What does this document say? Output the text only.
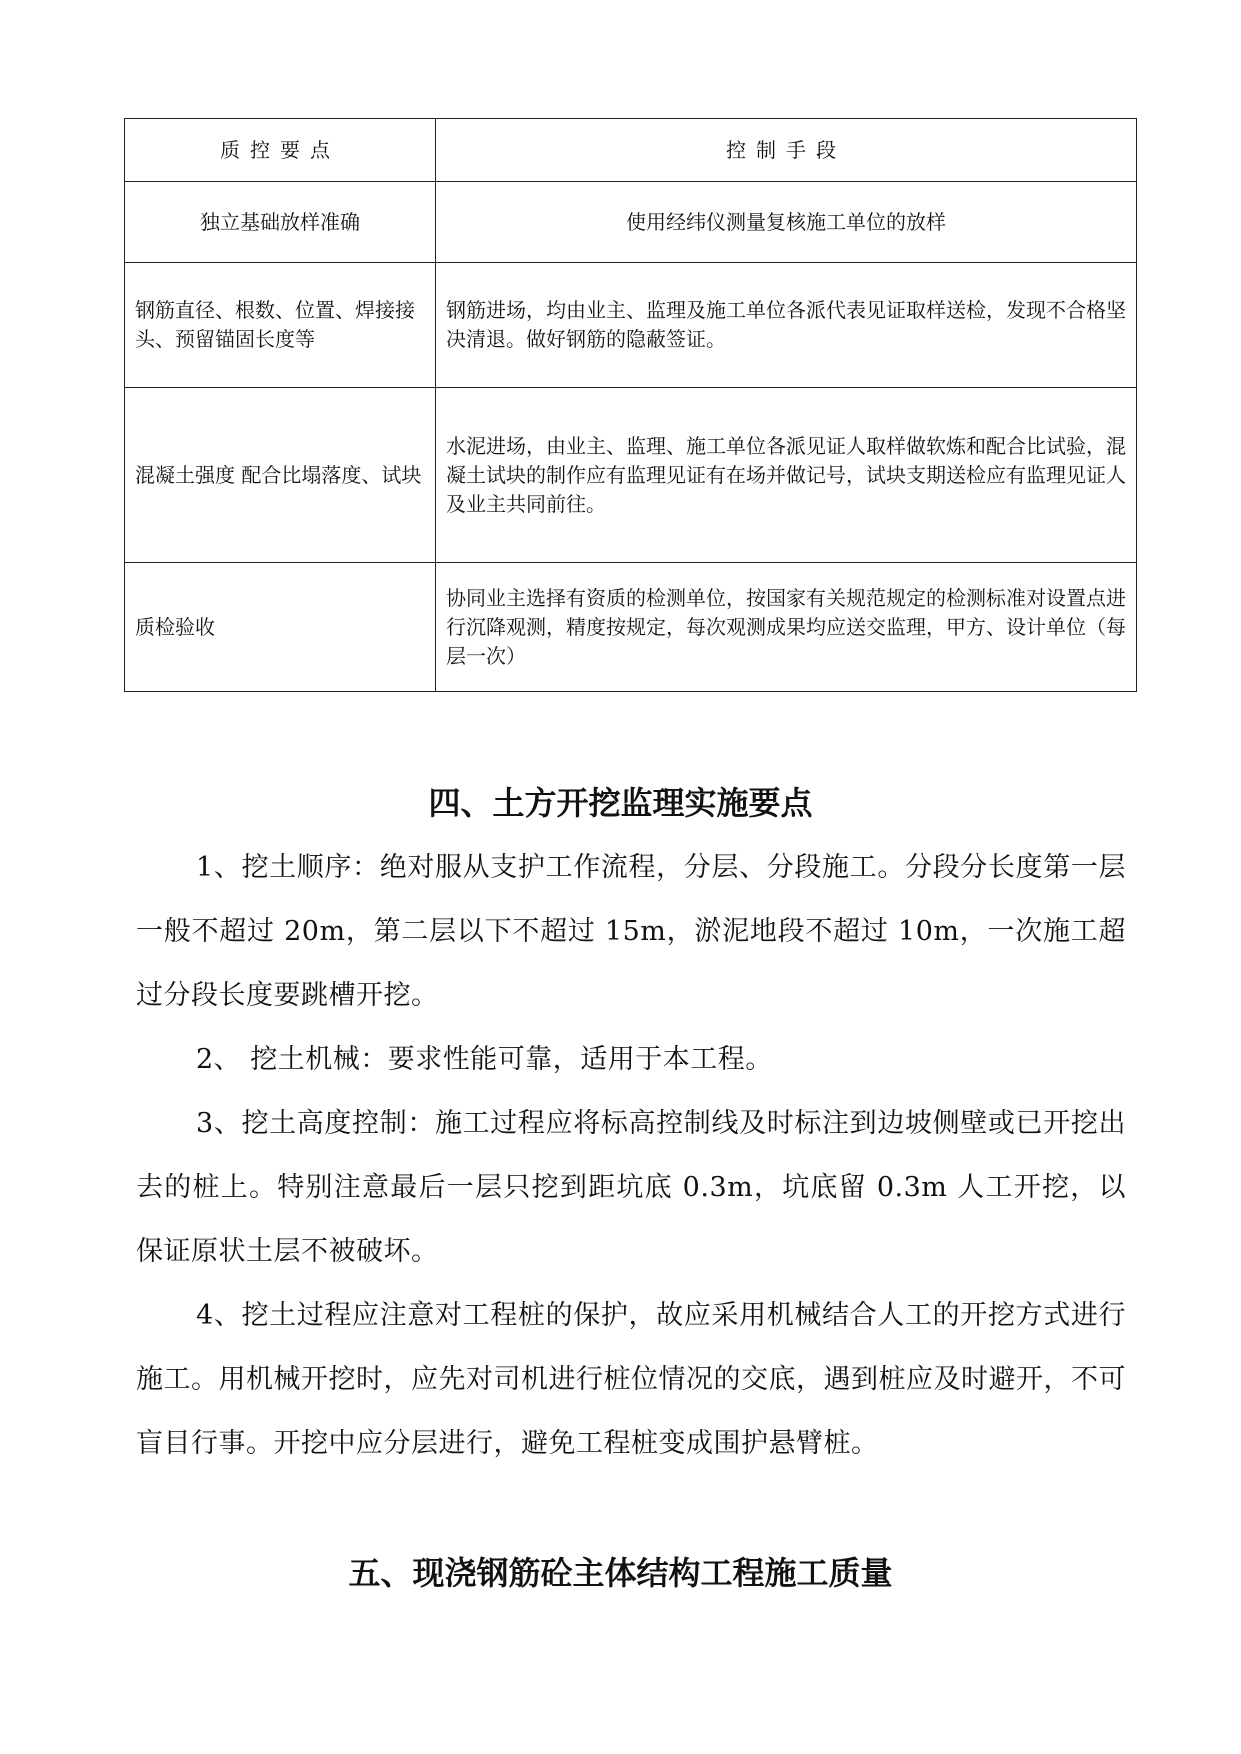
质控要点	控制手段
独立基础放样准确	使用经纬仪测量复核施工单位的放样
钢筋直径、根数、位置、焊接接头、预留锚固长度等	钢筋进场，均由业主、监理及施工单位各派代表见证取样送检，发现不合格坚决清退。做好钢筋的隐蔽签证。
混凝土强度 配合比塌落度、试块	水泥进场，由业主、监理、施工单位各派见证人取样做软炼和配合比试验，混凝土试块的制作应有监理见证有在场并做记号，试块支期送检应有监理见证人及业主共同前往。
质检验收	协同业主选择有资质的检测单位，按国家有关规范规定的检测标准对设置点进行沉降观测，精度按规定，每次观测成果均应送交监理，甲方、设计单位（每层一次）
四、土方开挖监理实施要点

1、挖土顺序：绝对服从支护工作流程，分层、分段施工。分段分长度第一层一般不超过 20m，第二层以下不超过 15m，淤泥地段不超过 10m，一次施工超过分段长度要跳槽开挖。

2、 挖土机械：要求性能可靠，适用于本工程。

3、挖土高度控制：施工过程应将标高控制线及时标注到边坡侧壁或已开挖出去的桩上。特别注意最后一层只挖到距坑底 0.3m，坑底留 0.3m 人工开挖，以保证原状土层不被破坏。

4、挖土过程应注意对工程桩的保护，故应采用机械结合人工的开挖方式进行施工。用机械开挖时，应先对司机进行桩位情况的交底，遇到桩应及时避开，不可盲目行事。开挖中应分层进行，避免工程桩变成围护悬臂桩。

五、现浇钢筋砼主体结构工程施工质量
